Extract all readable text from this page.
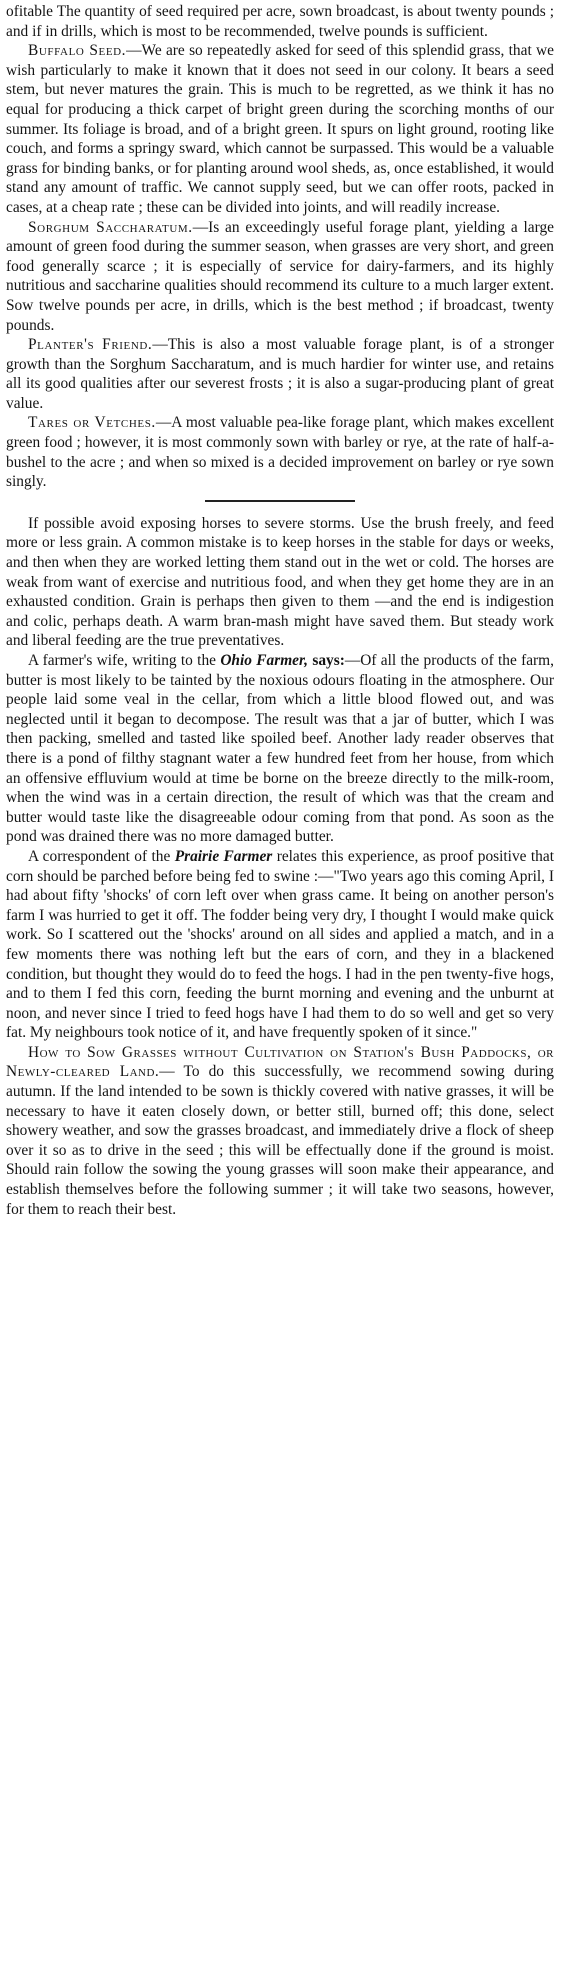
ofitable The quantity of seed required per acre, sown broadcast, is about twenty pounds ; and if in drills, which is most to be recommended, twelve pounds is sufficient.

Buffalo Seed.—We are so repeatedly asked for seed of this splendid grass, that we wish particularly to make it known that it does not seed in our colony. It bears a seed stem, but never matures the grain. This is much to be regretted, as we think it has no equal for producing a thick carpet of bright green during the scorching months of our summer. Its foliage is broad, and of a bright green. It spurs on light ground, rooting like couch, and forms a springy sward, which cannot be surpassed. This would be a valuable grass for binding banks, or for planting around wool sheds, as, once established, it would stand any amount of traffic. We cannot supply seed, but we can offer roots, packed in cases, at a cheap rate ; these can be divided into joints, and will readily increase.

Sorghum Saccharatum.—Is an exceedingly useful forage plant, yielding a large amount of green food during the summer season, when grasses are very short, and green food generally scarce ; it is especially of service for dairy-farmers, and its highly nutritious and saccharine qualities should recommend its culture to a much larger extent. Sow twelve pounds per acre, in drills, which is the best method ; if broadcast, twenty pounds.

Planter's Friend.—This is also a most valuable forage plant, is of a stronger growth than the Sorghum Saccharatum, and is much hardier for winter use, and retains all its good qualities after our severest frosts ; it is also a sugar-producing plant of great value.

Tares or Vetches.—A most valuable pea-like forage plant, which makes excellent green food ; however, it is most commonly sown with barley or rye, at the rate of half-a-bushel to the acre ; and when so mixed is a decided improvement on barley or rye sown singly.

If possible avoid exposing horses to severe storms. Use the brush freely, and feed more or less grain. A common mistake is to keep horses in the stable for days or weeks, and then when they are worked letting them stand out in the wet or cold. The horses are weak from want of exercise and nutritious food, and when they get home they are in an exhausted condition. Grain is perhaps then given to them —and the end is indigestion and colic, perhaps death. A warm bran-mash might have saved them. But steady work and liberal feeding are the true preventatives.

A farmer's wife, writing to the Ohio Farmer, says:—Of all the products of the farm, butter is most likely to be tainted by the noxious odours floating in the atmosphere. Our people laid some veal in the cellar, from which a little blood flowed out, and was neglected until it began to decompose. The result was that a jar of butter, which I was then packing, smelled and tasted like spoiled beef. Another lady reader observes that there is a pond of filthy stagnant water a few hundred feet from her house, from which an offensive effluvium would at time be borne on the breeze directly to the milk-room, when the wind was in a certain direction, the result of which was that the cream and butter would taste like the disagreeable odour coming from that pond. As soon as the pond was drained there was no more damaged butter.

A correspondent of the Prairie Farmer relates this experience, as proof positive that corn should be parched before being fed to swine :—"Two years ago this coming April, I had about fifty 'shocks' of corn left over when grass came. It being on another person's farm I was hurried to get it off. The fodder being very dry, I thought I would make quick work. So I scattered out the 'shocks' around on all sides and applied a match, and in a few moments there was nothing left but the ears of corn, and they in a blackened condition, but thought they would do to feed the hogs. I had in the pen twenty-five hogs, and to them I fed this corn, feeding the burnt morning and evening and the unburnt at noon, and never since I tried to feed hogs have I had them to do so well and get so very fat. My neighbours took notice of it, and have frequently spoken of it since."

How to Sow Grasses without Cultivation on Station's Bush Paddocks, or Newly-cleared Land.— To do this successfully, we recommend sowing during autumn. If the land intended to be sown is thickly covered with native grasses, it will be necessary to have it eaten closely down, or better still, burned off; this done, select showery weather, and sow the grasses broadcast, and immediately drive a flock of sheep over it so as to drive in the seed ; this will be effectually done if the ground is moist. Should rain follow the sowing the young grasses will soon make their appearance, and establish themselves before the following summer ; it will take two seasons, however, for them to reach their best.
